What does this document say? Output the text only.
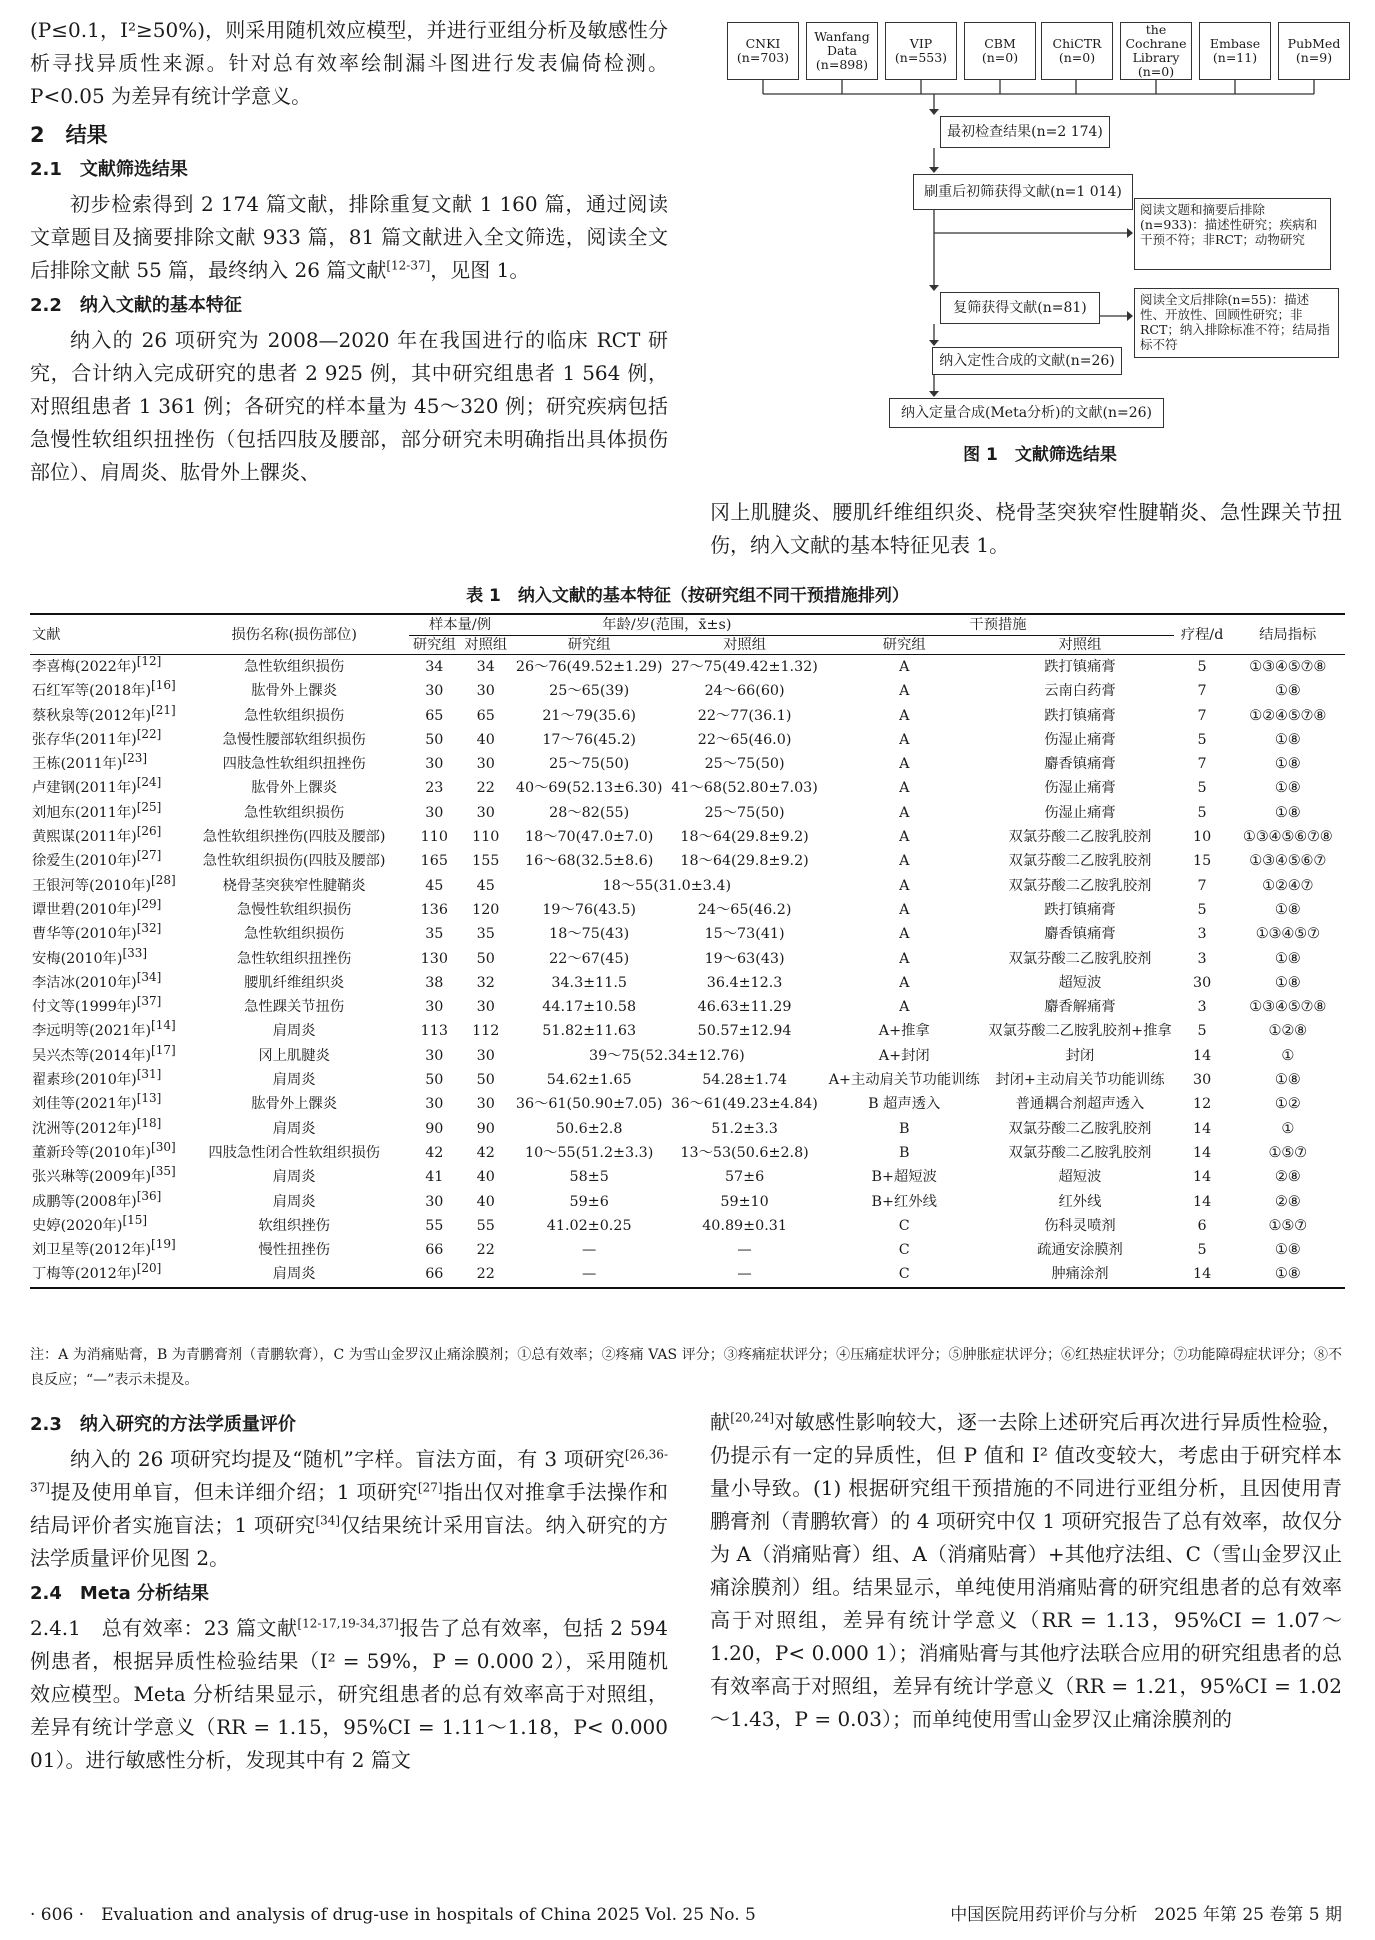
(P≤0.1，I²≥50%)，则采用随机效应模型，并进行亚组分析及敏感性分析寻找异质性来源。针对总有效率绘制漏斗图进行发表偏倚检测。P<0.05 为差异有统计学意义。

2　结果
2.1　文献筛选结果

初步检索得到 2 174 篇文献，排除重复文献 1 160 篇，通过阅读文章题目及摘要排除文献 933 篇，81 篇文献进入全文筛选，阅读全文后排除文献 55 篇，最终纳入 26 篇文献[12-37]，见图 1。

2.2　纳入文献的基本特征

纳入的 26 项研究为 2008—2020 年在我国进行的临床 RCT 研究，合计纳入完成研究的患者 2 925 例，其中研究组患者 1 564 例，对照组患者 1 361 例；各研究的样本量为 45～320 例；研究疾病包括急慢性软组织扭挫伤（包括四肢及腰部，部分研究未明确指出具体损伤部位）、肩周炎、肱骨外上髁炎、

CNKI
(n=703)
Wanfang Data
(n=898)
VIP
(n=553)
CBM
(n=0)
ChiCTR
(n=0)
the Cochrane Library
(n=0)
Embase
(n=11)
PubMed
(n=9)
最初检查结果(n=2 174)
刷重后初筛获得文献(n=1 014)
阅读文题和摘要后排除(n=933)：描述性研究；疾病和干预不符；非RCT；动物研究
复筛获得文献(n=81)
阅读全文后排除(n=55)：描述性、开放性、回顾性研究；非RCT；纳入排除标准不符；结局指标不符
纳入定性合成的文献(n=26)
纳入定量合成(Meta分析)的文献(n=26)
图 1　文献筛选结果

冈上肌腱炎、腰肌纤维组织炎、桡骨茎突狭窄性腱鞘炎、急性踝关节扭伤，纳入文献的基本特征见表 1。

表 1　纳入文献的基本特征（按研究组不同干预措施排列）
文献	损伤名称(损伤部位)	样本量/例		年龄/岁(范围，x̄±s)		干预措施		疗程/d	结局指标
		研究组	对照组	研究组	对照组	研究组	对照组		
李喜梅(2022年)[12]	急性软组织损伤	34	34	26～76(49.52±1.29)	27～75(49.42±1.32)	A	跌打镇痛膏	5	①③④⑤⑦⑧
石红军等(2018年)[16]	肱骨外上髁炎	30	30	25～65(39)	24～66(60)	A	云南白药膏	7	①⑧
蔡秋泉等(2012年)[21]	急性软组织损伤	65	65	21～79(35.6)	22～77(36.1)	A	跌打镇痛膏	7	①②④⑤⑦⑧
张存华(2011年)[22]	急慢性腰部软组织损伤	50	40	17～76(45.2)	22～65(46.0)	A	伤湿止痛膏	5	①⑧
王栋(2011年)[23]	四肢急性软组织扭挫伤	30	30	25～75(50)	25～75(50)	A	麝香镇痛膏	7	①⑧
卢建钢(2011年)[24]	肱骨外上髁炎	23	22	40～69(52.13±6.30)	41～68(52.80±7.03)	A	伤湿止痛膏	5	①⑧
刘旭东(2011年)[25]	急性软组织损伤	30	30	28～82(55)	25～75(50)	A	伤湿止痛膏	5	①⑧
黄熙谋(2011年)[26]	急性软组织挫伤(四肢及腰部)	110	110	18～70(47.0±7.0)	18～64(29.8±9.2)	A	双氯芬酸二乙胺乳胶剂	10	①③④⑤⑥⑦⑧
徐爱生(2010年)[27]	急性软组织损伤(四肢及腰部)	165	155	16～68(32.5±8.6)	18～64(29.8±9.2)	A	双氯芬酸二乙胺乳胶剂	15	①③④⑤⑥⑦
王银河等(2010年)[28]	桡骨茎突狭窄性腱鞘炎	45	45	18～55(31.0±3.4)		A	双氯芬酸二乙胺乳胶剂	7	①②④⑦
谭世碧(2010年)[29]	急慢性软组织损伤	136	120	19～76(43.5)	24～65(46.2)	A	跌打镇痛膏	5	①⑧
曹华等(2010年)[32]	急性软组织损伤	35	35	18～75(43)	15～73(41)	A	麝香镇痛膏	3	①③④⑤⑦
安梅(2010年)[33]	急性软组织扭挫伤	130	50	22～67(45)	19～63(43)	A	双氯芬酸二乙胺乳胶剂	3	①⑧
李洁冰(2010年)[34]	腰肌纤维组织炎	38	32	34.3±11.5	36.4±12.3	A	超短波	30	①⑧
付文等(1999年)[37]	急性踝关节扭伤	30	30	44.17±10.58	46.63±11.29	A	麝香解痛膏	3	①③④⑤⑦⑧
李远明等(2021年)[14]	肩周炎	113	112	51.82±11.63	50.57±12.94	A+推拿	双氯芬酸二乙胺乳胶剂+推拿	5	①②⑧
吴兴杰等(2014年)[17]	冈上肌腱炎	30	30	39～75(52.34±12.76)		A+封闭	封闭	14	①
翟素珍(2010年)[31]	肩周炎	50	50	54.62±1.65	54.28±1.74	A+主动肩关节功能训练	封闭+主动肩关节功能训练	30	①⑧
刘佳等(2021年)[13]	肱骨外上髁炎	30	30	36～61(50.90±7.05)	36～61(49.23±4.84)	B 超声透入	普通耦合剂超声透入	12	①②
沈洲等(2012年)[18]	肩周炎	90	90	50.6±2.8	51.2±3.3	B	双氯芬酸二乙胺乳胶剂	14	①
董新玲等(2010年)[30]	四肢急性闭合性软组织损伤	42	42	10～55(51.2±3.3)	13～53(50.6±2.8)	B	双氯芬酸二乙胺乳胶剂	14	①⑤⑦
张兴琳等(2009年)[35]	肩周炎	41	40	58±5	57±6	B+超短波	超短波	14	②⑧
成鹏等(2008年)[36]	肩周炎	30	40	59±6	59±10	B+红外线	红外线	14	②⑧
史婷(2020年)[15]	软组织挫伤	55	55	41.02±0.25	40.89±0.31	C	伤科灵喷剂	6	①⑤⑦
刘卫星等(2012年)[19]	慢性扭挫伤	66	22	—	—	C	疏通安涂膜剂	5	①⑧
丁梅等(2012年)[20]	肩周炎	66	22	—	—	C	肿痛涂剂	14	①⑧
注：A 为消痛贴膏，B 为青鹏膏剂（青鹏软膏），C 为雪山金罗汉止痛涂膜剂；①总有效率；②疼痛 VAS 评分；③疼痛症状评分；④压痛症状评分；⑤肿胀症状评分；⑥红热症状评分；⑦功能障碍症状评分；⑧不良反应；“—”表示未提及。
2.3　纳入研究的方法学质量评价

纳入的 26 项研究均提及“随机”字样。盲法方面，有 3 项研究[26,36-37]提及使用单盲，但未详细介绍；1 项研究[27]指出仅对推拿手法操作和结局评价者实施盲法；1 项研究[34]仅结果统计采用盲法。纳入研究的方法学质量评价见图 2。

2.4　Meta 分析结果

2.4.1　总有效率：23 篇文献[12-17,19-34,37]报告了总有效率，包括 2 594 例患者，根据异质性检验结果（I² = 59%，P = 0.000 2），采用随机效应模型。Meta 分析结果显示，研究组患者的总有效率高于对照组，差异有统计学意义（RR = 1.15，95%CI = 1.11～1.18，P< 0.000 01）。进行敏感性分析，发现其中有 2 篇文

献[20,24]对敏感性影响较大，逐一去除上述研究后再次进行异质性检验，仍提示有一定的异质性，但 P 值和 I² 值改变较大，考虑由于研究样本量小导致。(1) 根据研究组干预措施的不同进行亚组分析，且因使用青鹏膏剂（青鹏软膏）的 4 项研究中仅 1 项研究报告了总有效率，故仅分为 A（消痛贴膏）组、A（消痛贴膏）+其他疗法组、C（雪山金罗汉止痛涂膜剂）组。结果显示，单纯使用消痛贴膏的研究组患者的总有效率高于对照组，差异有统计学意义（RR = 1.13，95%CI = 1.07～1.20，P< 0.000 1）；消痛贴膏与其他疗法联合应用的研究组患者的总有效率高于对照组，差异有统计学意义（RR = 1.21，95%CI = 1.02～1.43，P = 0.03）；而单纯使用雪山金罗汉止痛涂膜剂的

· 606 ·　Evaluation and analysis of drug-use in hospitals of China 2025 Vol. 25 No. 5	中国医院用药评价与分析　2025 年第 25 卷第 5 期
